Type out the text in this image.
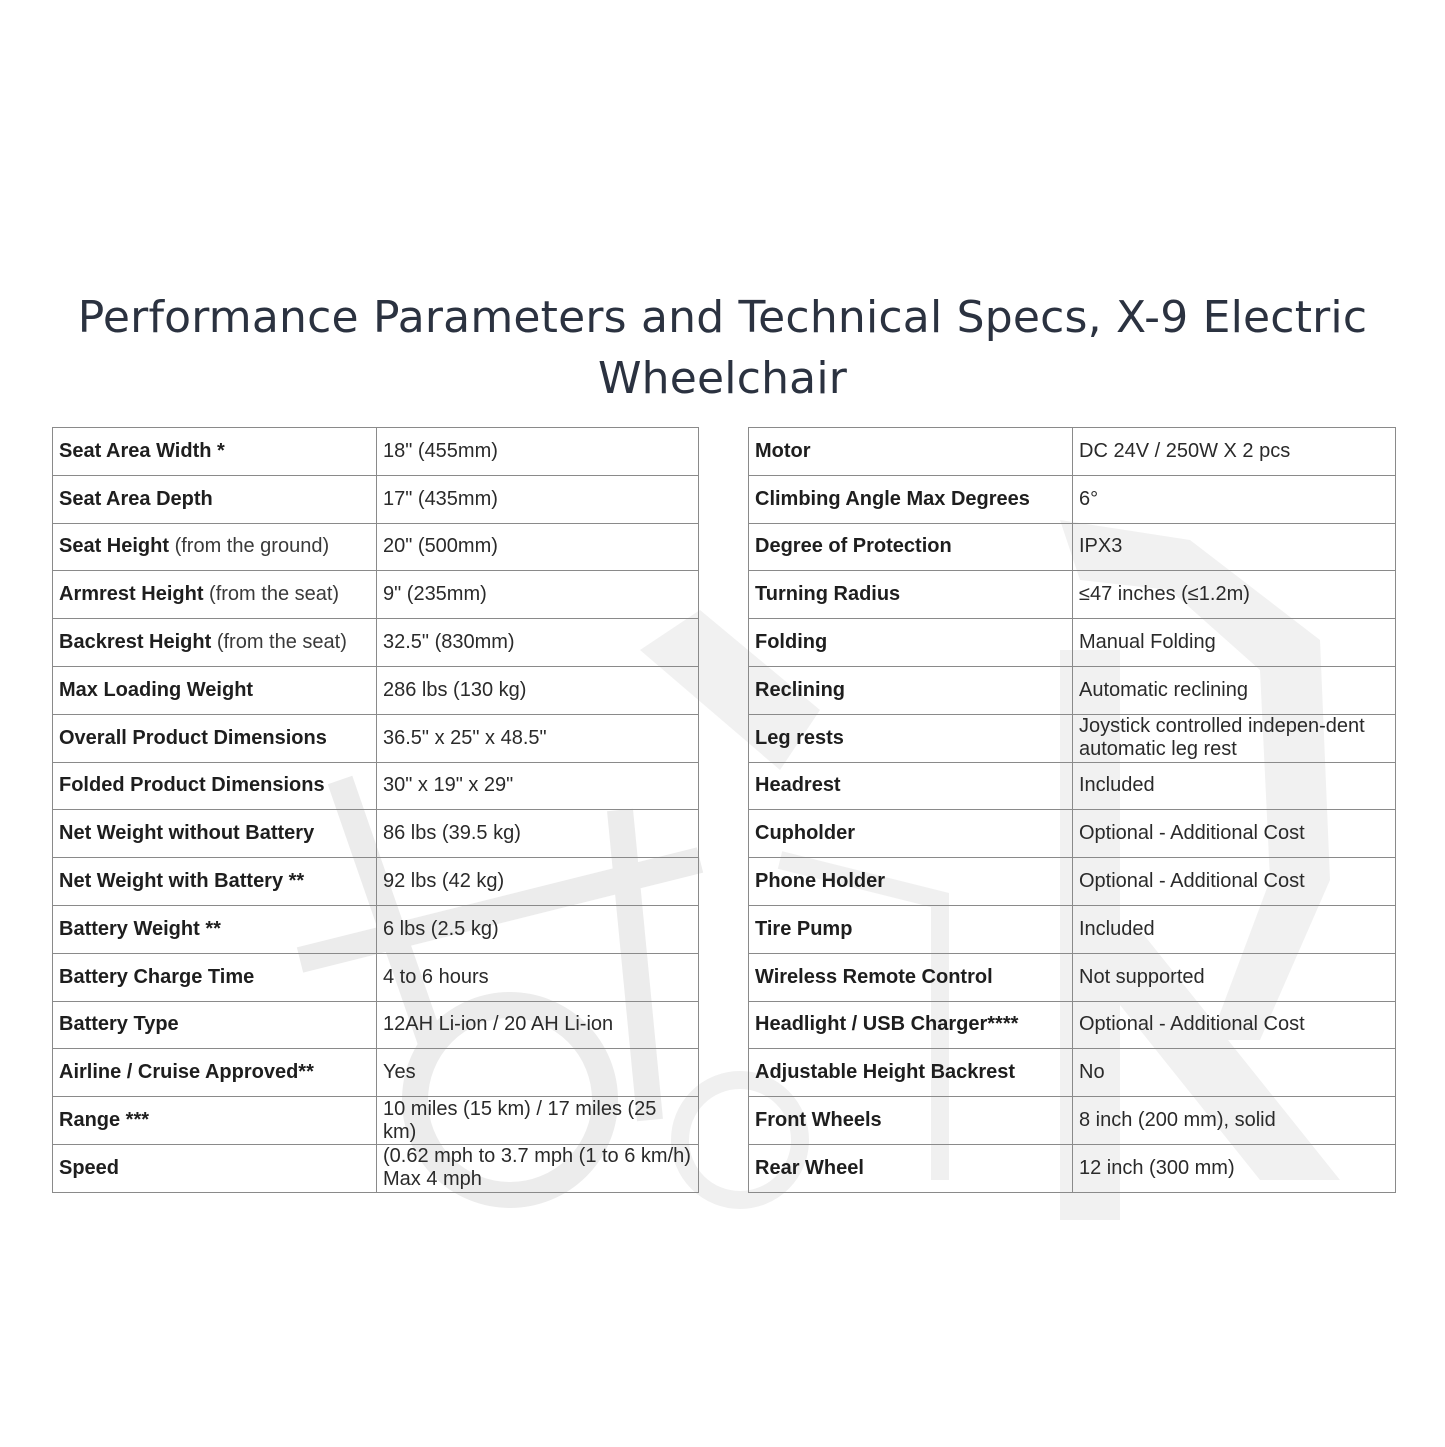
Performance Parameters and Technical Specs, X-9 Electric
Wheelchair
Seat Area Width *	18" (455mm)
Seat Area Depth	17" (435mm)
Seat Height (from the ground)	20" (500mm)
Armrest Height (from the seat)	9" (235mm)
Backrest Height (from the seat)	32.5" (830mm)
Max Loading Weight	286 lbs (130 kg)
Overall Product Dimensions	36.5" x 25" x 48.5"
Folded Product Dimensions	30" x 19" x 29"
Net Weight without Battery	86 lbs (39.5 kg)
Net Weight with Battery **	92 lbs (42 kg)
Battery Weight **	6 lbs (2.5 kg)
Battery Charge Time	4 to 6 hours
Battery Type	12AH Li-ion / 20 AH Li-ion
Airline / Cruise Approved**	Yes
Range ***	10 miles (15 km) / 17 miles (25 km)
Speed	(0.62 mph to 3.7 mph (1 to 6 km/h) Max 4 mph
Motor	DC 24V / 250W X 2 pcs
Climbing Angle Max Degrees	6°
Degree of Protection	IPX3
Turning Radius	≤47 inches (≤1.2m)
Folding	Manual Folding
Reclining	Automatic reclining
Leg rests	Joystick controlled indepen-dent automatic leg rest
Headrest	Included
Cupholder	Optional - Additional Cost
Phone Holder	Optional - Additional Cost
Tire Pump	Included
Wireless Remote Control	Not supported
Headlight / USB Charger****	Optional - Additional Cost
Adjustable Height Backrest	No
Front Wheels	8 inch (200 mm), solid
Rear Wheel	12 inch (300 mm)
